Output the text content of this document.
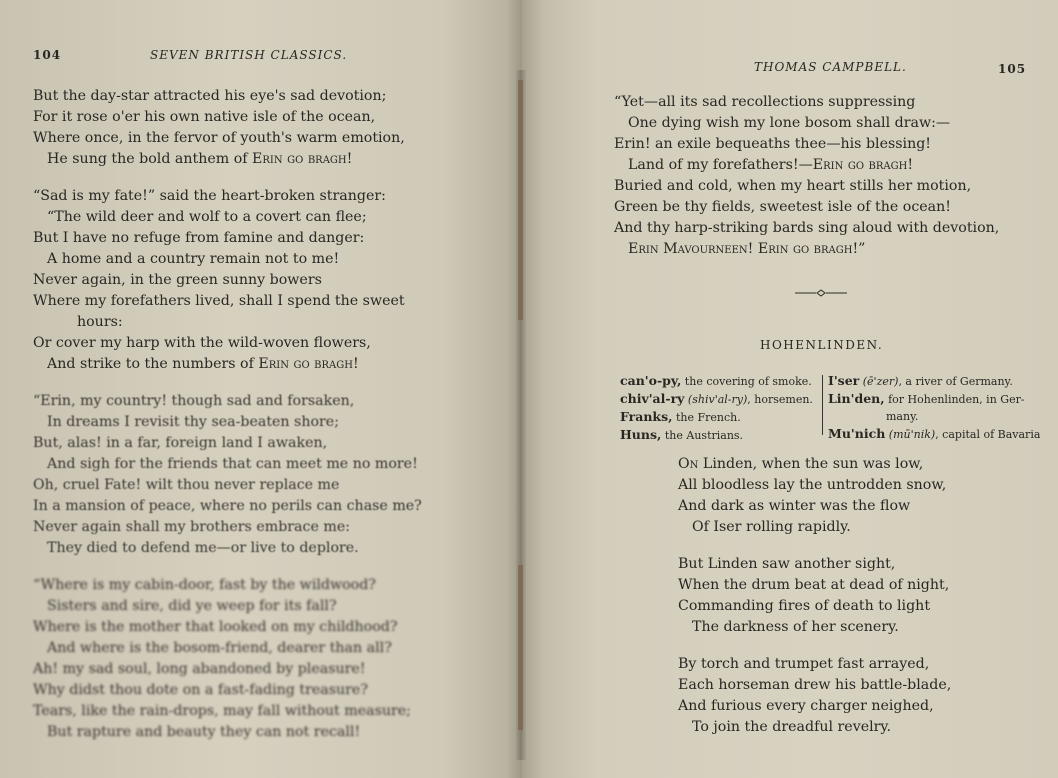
104	SEVEN BRITISH CLASSICS.
But the day-star attracted his eye's sad devotion;
For it rose o'er his own native isle of the ocean,
Where once, in the fervor of youth's warm emotion,
He sung the bold anthem of Erin go bragh!
“Sad is my fate!” said the heart-broken stranger:
“The wild deer and wolf to a covert can flee;
But I have no refuge from famine and danger:
A home and a country remain not to me!
Never again, in the green sunny bowers
Where my forefathers lived, shall I spend the sweet
hours:
Or cover my harp with the wild-woven flowers,
And strike to the numbers of Erin go bragh!
“Erin, my country! though sad and forsaken,
In dreams I revisit thy sea-beaten shore;
But, alas! in a far, foreign land I awaken,
And sigh for the friends that can meet me no more!
Oh, cruel Fate! wilt thou never replace me
In a mansion of peace, where no perils can chase me?
Never again shall my brothers embrace me:
They died to defend me—or live to deplore.
“Where is my cabin-door, fast by the wildwood?
Sisters and sire, did ye weep for its fall?
Where is the mother that looked on my childhood?
And where is the bosom-friend, dearer than all?
Ah! my sad soul, long abandoned by pleasure!
Why didst thou dote on a fast-fading treasure?
Tears, like the rain-drops, may fall without measure;
But rapture and beauty they can not recall!
THOMAS CAMPBELL.	105
“Yet—all its sad recollections suppressing
One dying wish my lone bosom shall draw:—
Erin! an exile bequeaths thee—his blessing!
Land of my forefathers!—Erin go bragh!
Buried and cold, when my heart stills her motion,
Green be thy fields, sweetest isle of the ocean!
And thy harp-striking bards sing aloud with devotion,
Erin Mavourneen! Erin go bragh!”
HOHENLINDEN.
can'o-py, the covering of smoke.
chiv'al-ry (shiv'al-ry), horsemen.
Franks, the French.
Huns, the Austrians.
I'ser (ē'zer), a river of Germany.
Lin'den, for Hohenlinden, in Ger-
many.
Mu'nich (mū'nik), capital of Bavaria
On Linden, when the sun was low,
All bloodless lay the untrodden snow,
And dark as winter was the flow
Of Iser rolling rapidly.
But Linden saw another sight,
When the drum beat at dead of night,
Commanding fires of death to light
The darkness of her scenery.
By torch and trumpet fast arrayed,
Each horseman drew his battle-blade,
And furious every charger neighed,
To join the dreadful revelry.
